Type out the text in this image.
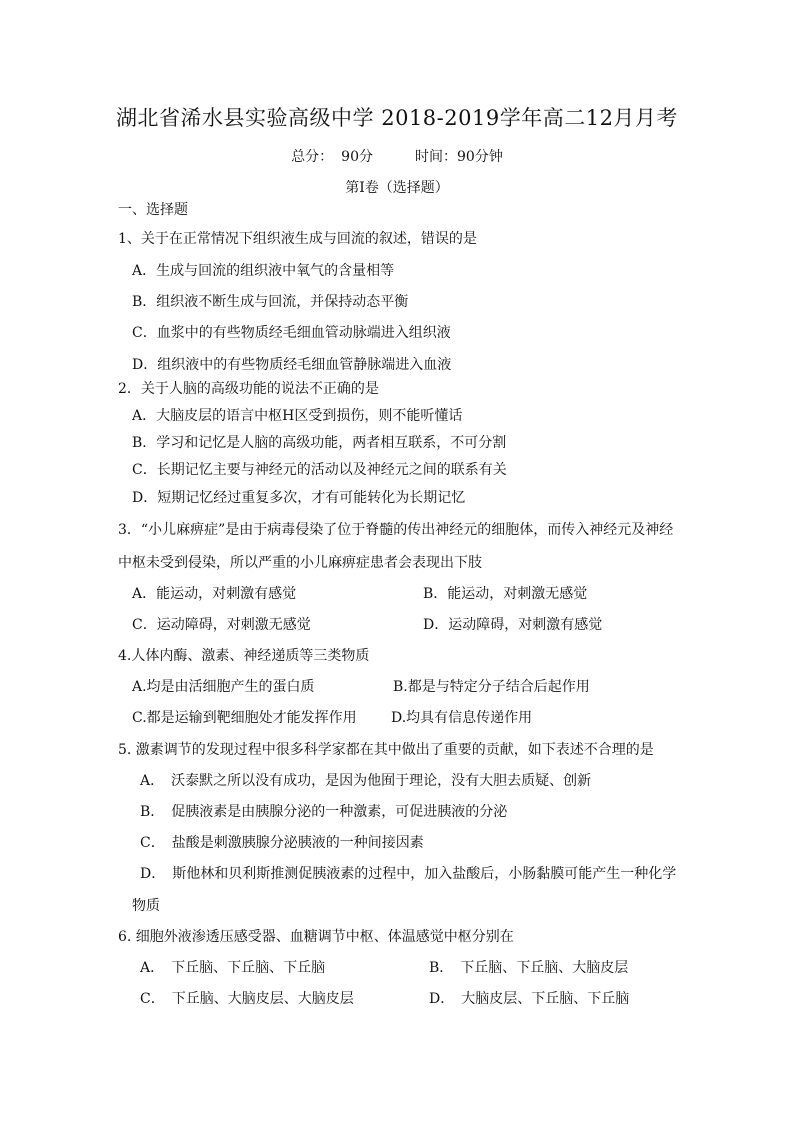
湖北省浠水县实验高级中学 2018-2019学年高二12月月考
总分： 90分	时间：90分钟
第I卷（选择题）
一、选择题
1、关于在正常情况下组织液生成与回流的叙述，错误的是
A．生成与回流的组织液中氧气的含量相等
B．组织液不断生成与回流，并保持动态平衡
C．血浆中的有些物质经毛细血管动脉端进入组织液
D．组织液中的有些物质经毛细血管静脉端进入血液
2．关于人脑的高级功能的说法不正确的是
A．大脑皮层的语言中枢H区受到损伤，则不能听懂话
B．学习和记忆是人脑的高级功能，两者相互联系，不可分割
C．长期记忆主要与神经元的活动以及神经元之间的联系有关
D．短期记忆经过重复多次，才有可能转化为长期记忆
3．“小儿麻痹症”是由于病毒侵染了位于脊髓的传出神经元的细胞体，而传入神经元及神经
中枢未受到侵染，所以严重的小儿麻痹症患者会表现出下肢
A．能运动，对刺激有感觉	B．能运动，对刺激无感觉
C．运动障碍，对刺激无感觉	D．运动障碍，对刺激有感觉
4.人体内酶、激素、神经递质等三类物质
A.均是由活细胞产生的蛋白质	B.都是与特定分子结合后起作用
C.都是运输到靶细胞处才能发挥作用 D.均具有信息传递作用
5. 激素调节的发现过程中很多科学家都在其中做出了重要的贡献，如下表述不合理的是
A．　沃泰默之所以没有成功，是因为他囿于理论，没有大胆去质疑、创新
B．　促胰液素是由胰腺分泌的一种激素，可促进胰液的分泌
C．　盐酸是刺激胰腺分泌胰液的一种间接因素
D．　斯他林和贝利斯推测促胰液素的过程中，加入盐酸后，小肠黏膜可能产生一种化学
物质
6. 细胞外液渗透压感受器、血糖调节中枢、体温感觉中枢分别在
A．　下丘脑、下丘脑、下丘脑	B．　下丘脑、下丘脑、大脑皮层
C．　下丘脑、大脑皮层、大脑皮层	D．　大脑皮层、下丘脑、下丘脑
